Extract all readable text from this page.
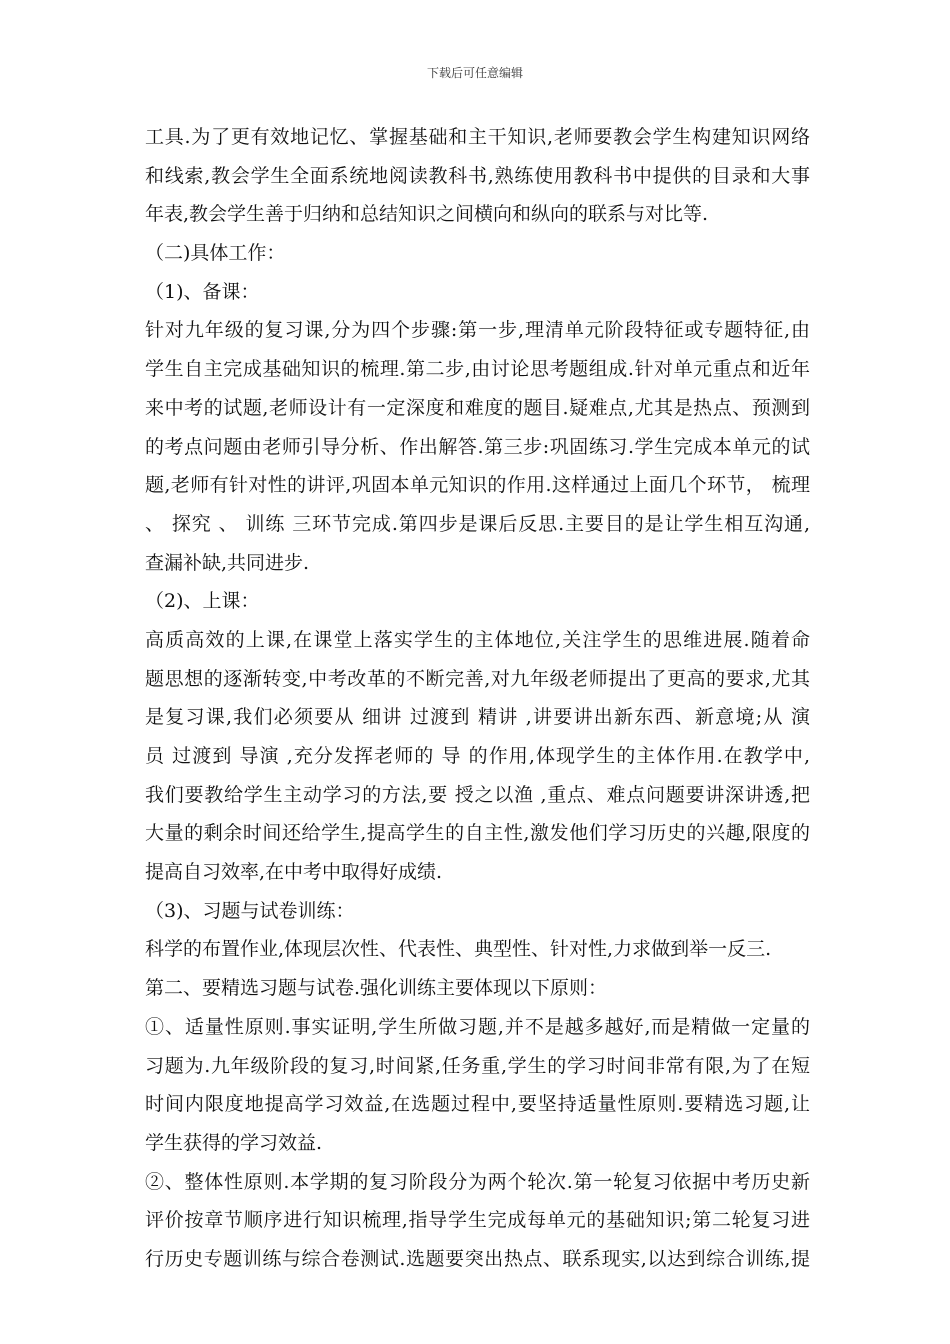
下载后可任意编辑
工具.为了更有效地记忆、掌握基础和主干知识,老师要教会学生构建知识网络
和线索,教会学生全面系统地阅读教科书,熟练使用教科书中提供的目录和大事
年表,教会学生善于归纳和总结知识之间横向和纵向的联系与对比等.
（二)具体工作：
（1)、备课：
针对九年级的复习课,分为四个步骤:第一步,理清单元阶段特征或专题特征,由
学生自主完成基础知识的梳理.第二步,由讨论思考题组成.针对单元重点和近年
来中考的试题,老师设计有一定深度和难度的题目.疑难点,尤其是热点、预测到
的考点问题由老师引导分析、作出解答.第三步:巩固练习.学生完成本单元的试
题,老师有针对性的讲评,巩固本单元知识的作用.这样通过上面几个环节， 梳理
、 探究 、 训练 三环节完成.第四步是课后反思.主要目的是让学生相互沟通,
查漏补缺,共同进步.
（2)、上课：
高质高效的上课,在课堂上落实学生的主体地位,关注学生的思维进展.随着命
题思想的逐渐转变,中考改革的不断完善,对九年级老师提出了更高的要求,尤其
是复习课,我们必须要从 细讲 过渡到 精讲 ,讲要讲出新东西、新意境;从 演
员 过渡到 导演 ,充分发挥老师的 导 的作用,体现学生的主体作用.在教学中,
我们要教给学生主动学习的方法,要 授之以渔 ,重点、难点问题要讲深讲透,把
大量的剩余时间还给学生,提高学生的自主性,激发他们学习历史的兴趣,限度的
提高自习效率,在中考中取得好成绩.
（3)、习题与试卷训练：
科学的布置作业,体现层次性、代表性、典型性、针对性,力求做到举一反三.
第二、要精选习题与试卷.强化训练主要体现以下原则：
①、适量性原则.事实证明,学生所做习题,并不是越多越好,而是精做一定量的
习题为.九年级阶段的复习,时间紧,任务重,学生的学习时间非常有限,为了在短
时间内限度地提高学习效益,在选题过程中,要坚持适量性原则.要精选习题,让
学生获得的学习效益.
②、整体性原则.本学期的复习阶段分为两个轮次.第一轮复习依据中考历史新
评价按章节顺序进行知识梳理,指导学生完成每单元的基础知识;第二轮复习进
行历史专题训练与综合卷测试.选题要突出热点、联系现实,以达到综合训练,提
